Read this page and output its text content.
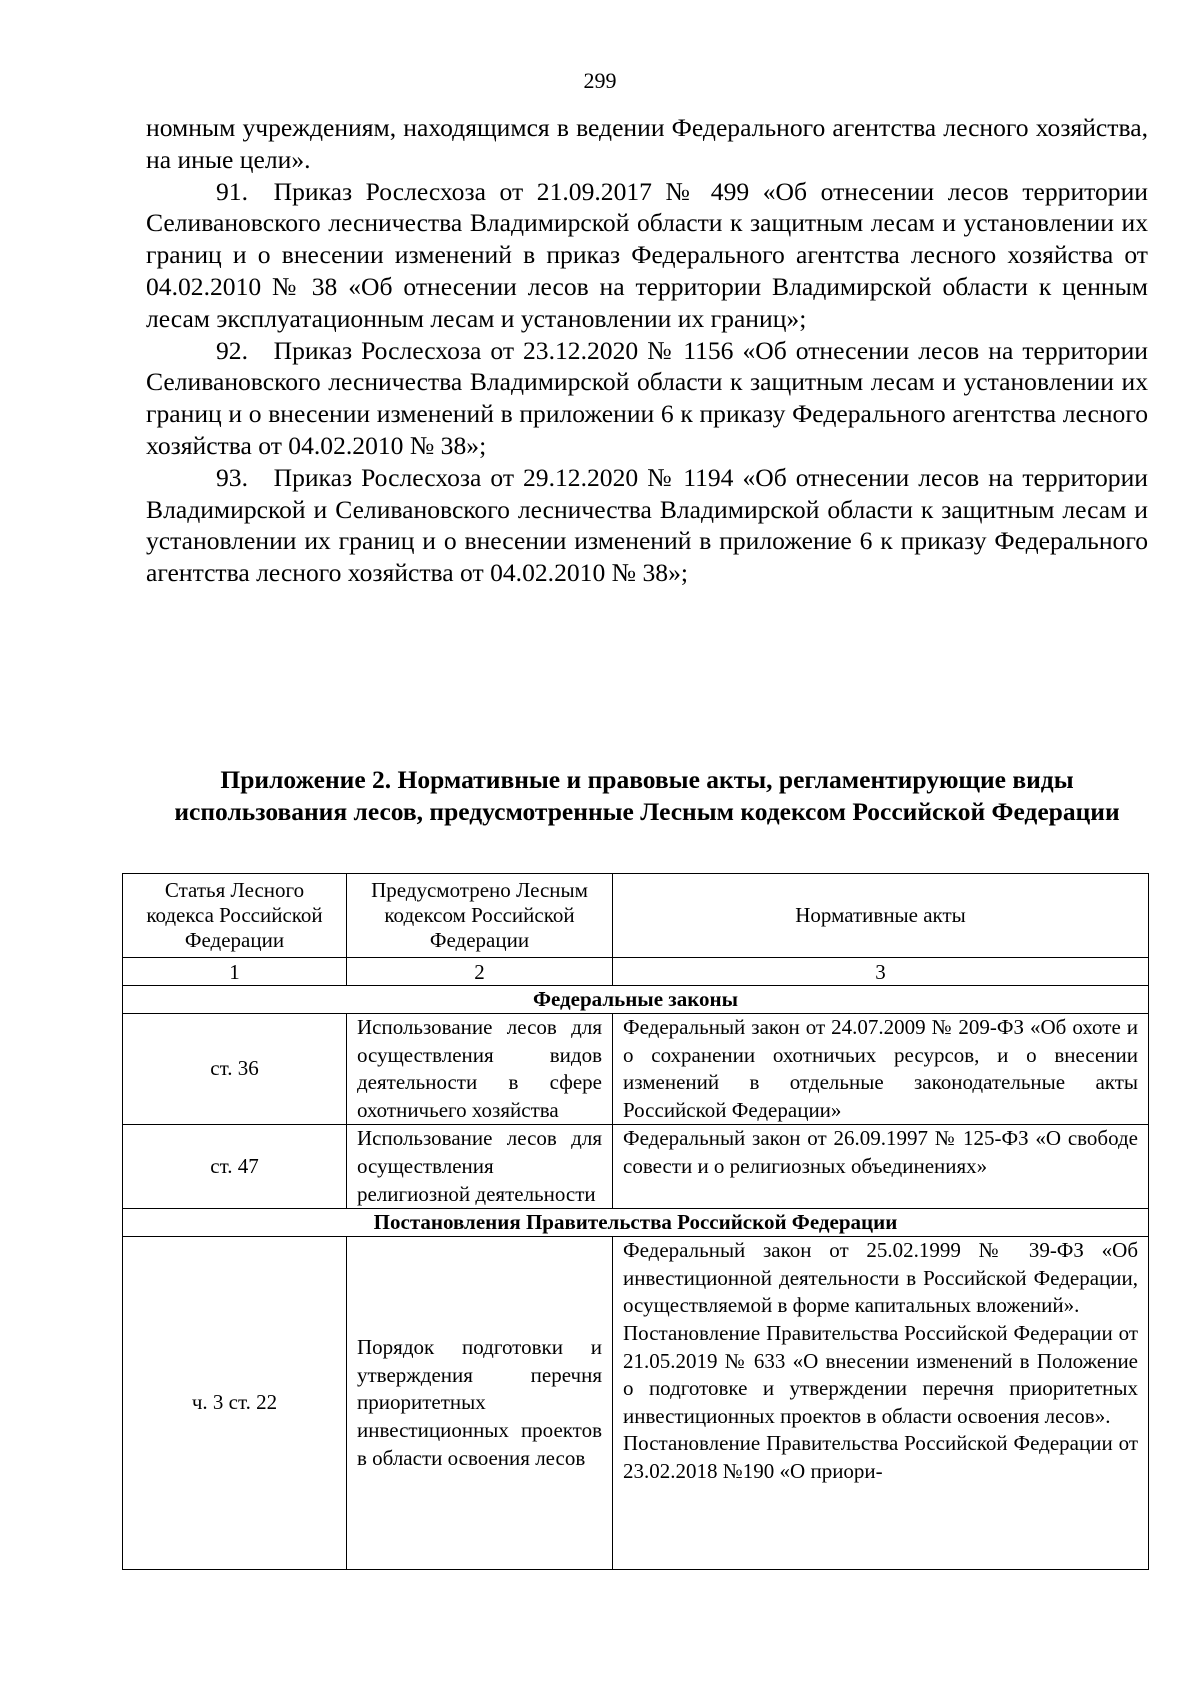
299

номным учреждениям, находящимся в ведении Федерального агентства лесного хозяйства, на иные цели».

91. Приказ Рослесхоза от 21.09.2017 № 499 «Об отнесении лесов территории Селивановского лесничества Владимирской области к защитным лесам и установлении их границ и о внесении изменений в приказ Федерального агентства лесного хозяйства от 04.02.2010 № 38 «Об отнесении лесов на территории Владимирской области к ценным лесам эксплуатационным лесам и установлении их границ»;

92. Приказ Рослесхоза от 23.12.2020 № 1156 «Об отнесении лесов на территории Селивановского лесничества Владимирской области к защитным лесам и установлении их границ и о внесении изменений в приложении 6 к приказу Федерального агентства лесного хозяйства от 04.02.2010 № 38»;

93. Приказ Рослесхоза от 29.12.2020 № 1194 «Об отнесении лесов на территории Владимирской и Селивановского лесничества Владимирской области к защитным лесам и установлении их границ и о внесении изменений в приложение 6 к приказу Федерального агентства лесного хозяйства от 04.02.2010 № 38»;

Приложение 2. Нормативные и правовые акты, регламентирующие виды использования лесов, предусмотренные Лесным кодексом Российской Федерации
Статья Лесного кодекса Российской Федерации	Предусмотрено Лесным кодексом Российской Федерации	Нормативные акты
1	2	3
Федеральные законы		
ст. 36	Использование лесов для осуществления видов деятельности в сфере охотничьего хозяйства	Федеральный закон от 24.07.2009 № 209-ФЗ «Об охоте и о сохранении охотничьих ресурсов, и о внесении изменений в отдельные законодательные акты Российской Федерации»

ст. 47	Использование лесов для осуществления религиозной деятельности	Федеральный закон от 26.09.1997 № 125-ФЗ «О свободе совести и о религиозных объединениях»

Постановления Правительства Российской Федерации		
ч. 3 ст. 22	Порядок подготовки и утверждения перечня приоритетных инвестиционных проектов в области освоения лесов	Федеральный закон от 25.02.1999 № 39-ФЗ «Об инвестиционной деятельности в Российской Федерации, осуществляемой в форме капитальных вложений».
Постановление Правительства Российской Федерации от 21.05.2019 № 633 «О внесении изменений в Положение о подготовке и утверждении перечня приоритетных инвестиционных проектов в области освоения лесов».
Постановление Правительства Российской Федерации от 23.02.2018 №190 «О приори-
